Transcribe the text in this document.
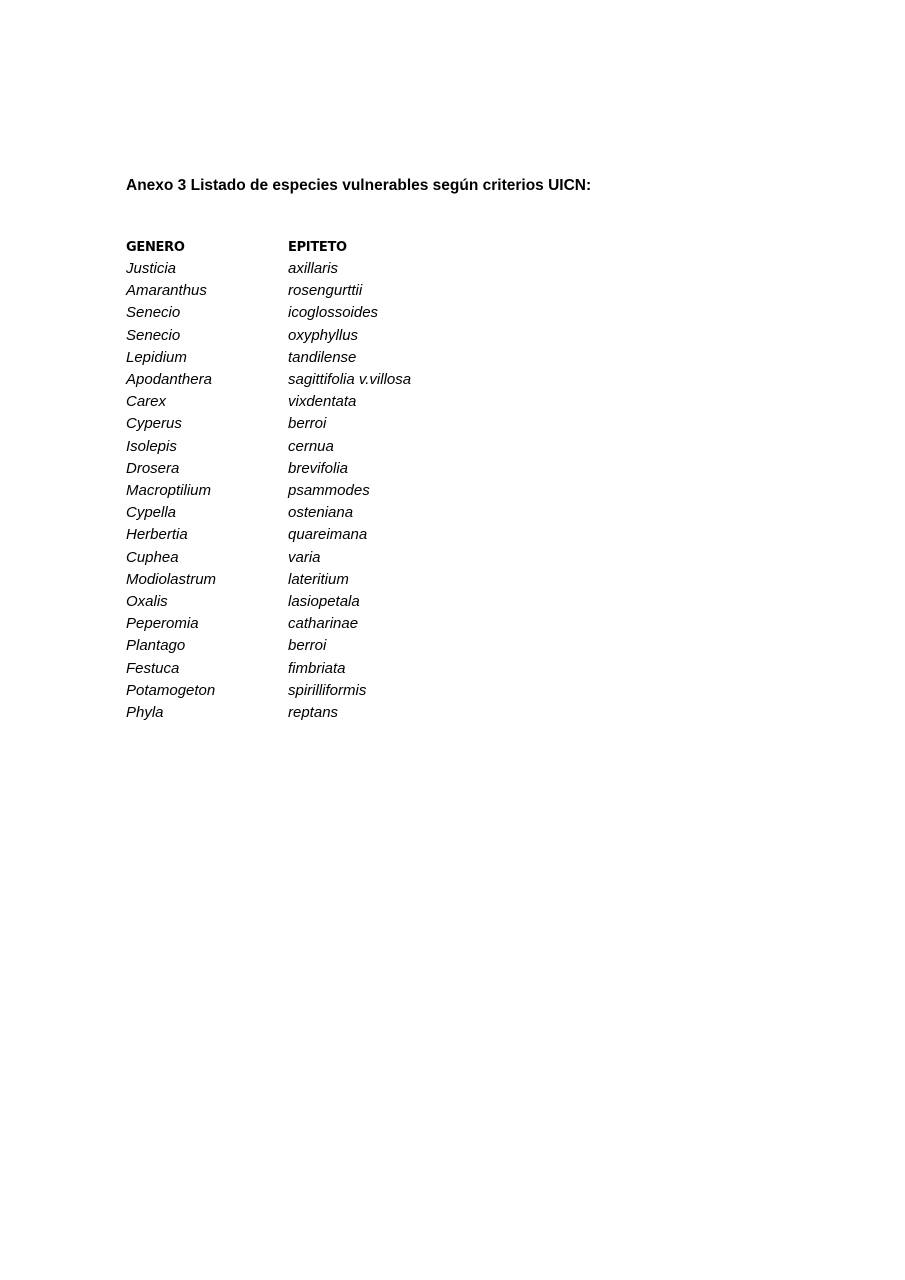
Anexo 3 Listado de especies vulnerables según criterios UICN:
GENERO	EPITETO
Justicia	axillaris
Amaranthus	rosengurttii
Senecio	icoglossoides
Senecio	oxyphyllus
Lepidium	tandilense
Apodanthera	sagittifolia v.villosa
Carex	vixdentata
Cyperus	berroi
Isolepis	cernua
Drosera	brevifolia
Macroptilium	psammodes
Cypella	osteniana
Herbertia	quareimana
Cuphea	varia
Modiolastrum	lateritium
Oxalis	lasiopetala
Peperomia	catharinae
Plantago	berroi
Festuca	fimbriata
Potamogeton	spirilliformis
Phyla	reptans
